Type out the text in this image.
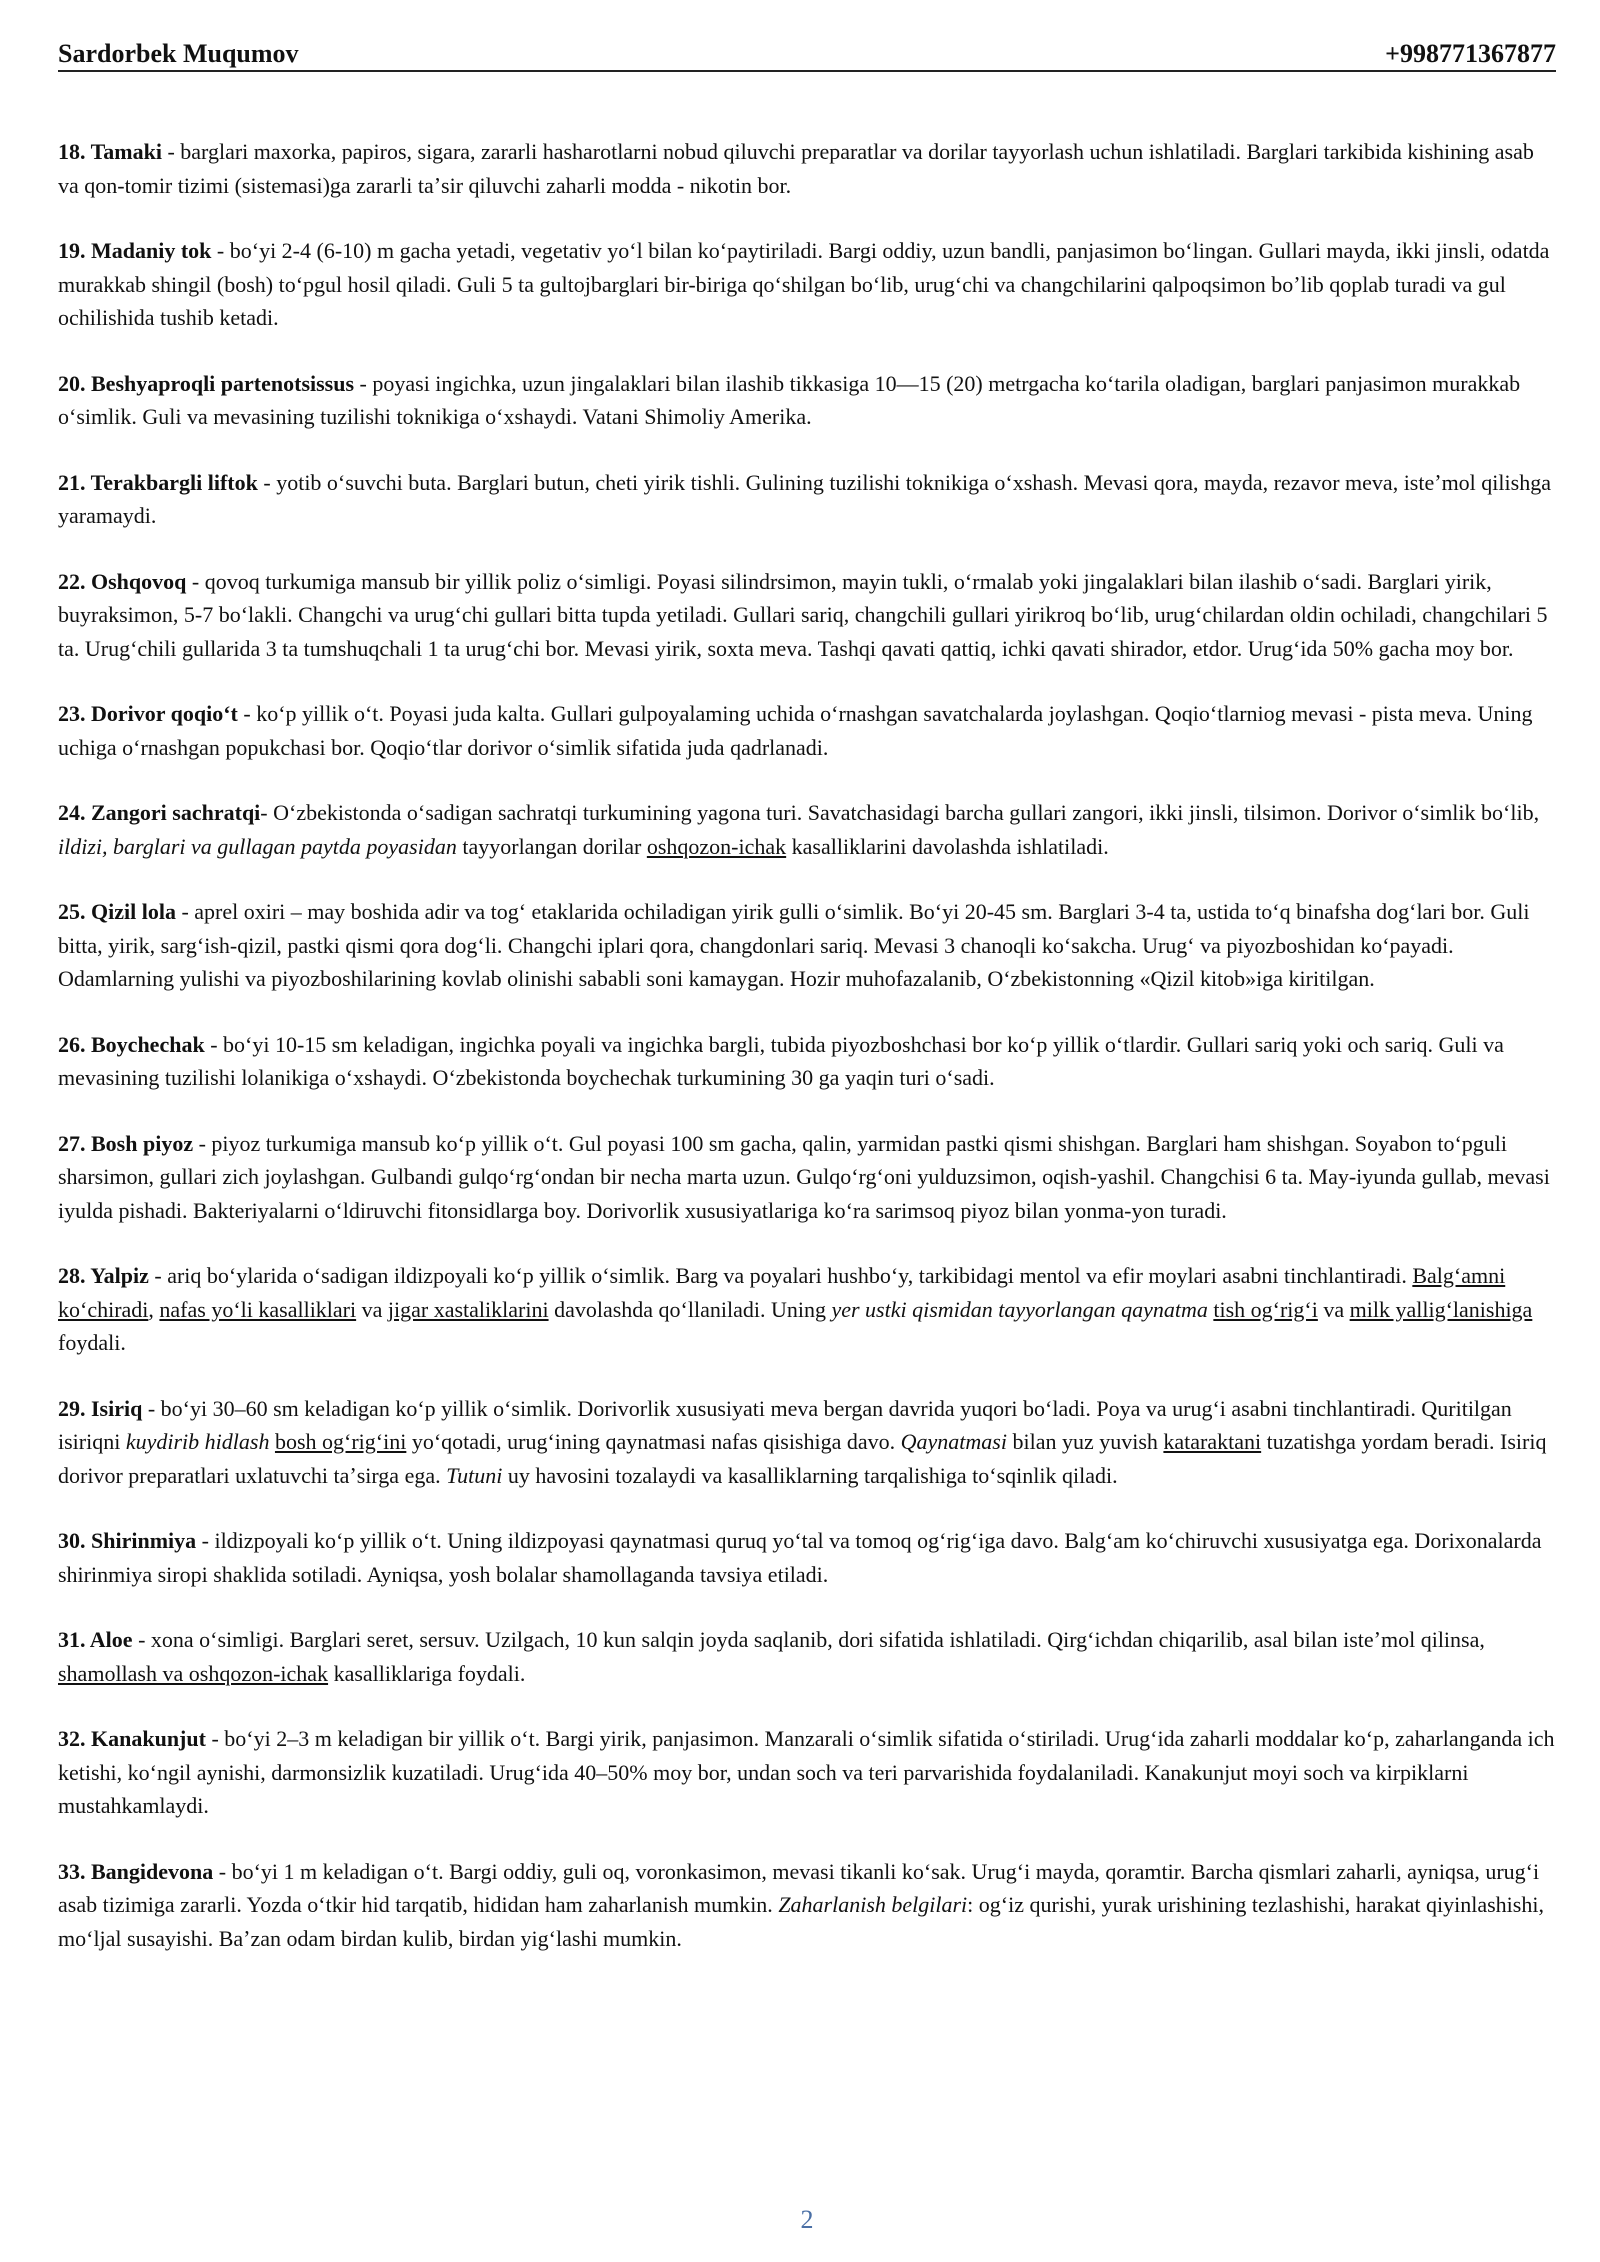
Sardorbek Muqumov	+998771367877

18. Tamaki - barglari maxorka, papiros, sigara, zararli hasharotlarni nobud qiluvchi preparatlar va dorilar tayyorlash uchun ishlatiladi. Barglari tarkibida kishining asab va qon-tomir tizimi (sistemasi)ga zararli taʼsir qiluvchi zaharli modda - nikotin bor.

19. Madaniy tok - boʻyi 2-4 (6-10) m gacha yetadi, vegetativ yoʻl bilan koʻpaytiriladi. Bargi oddiy, uzun bandli, panjasimon boʻlingan. Gullari mayda, ikki jinsli, odatda murakkab shingil (bosh) toʻpgul hosil qiladi. Guli 5 ta gultojbarglari bir-biriga qoʻshilgan boʻlib, urugʻchi va changchilarini qalpoqsimon boʼlib qoplab turadi va gul ochilishida tushib ketadi.

20. Beshyaproqli partenotsissus - poyasi ingichka, uzun jingalaklari bilan ilashib tikkasiga 10—15 (20) metrgacha koʻtarila oladigan, barglari panjasimon murakkab oʻsimlik. Guli va mevasining tuzilishi toknikiga oʻxshaydi. Vatani Shimoliy Amerika.

21. Terakbargli liftok - yotib oʻsuvchi buta. Barglari butun, cheti yirik tishli. Gulining tuzilishi toknikiga oʻxshash. Mevasi qora, mayda, rezavor meva, isteʼmol qilishga yaramaydi.

22. Oshqovoq - qovoq turkumiga mansub bir yillik poliz oʻsimligi. Poyasi silindrsimon, mayin tukli, oʻrmalab yoki jingalaklari bilan ilashib oʻsadi. Barglari yirik, buyraksimon, 5-7 boʻlakli. Changchi va urugʻchi gullari bitta tupda yetiladi. Gullari sariq, changchili gullari yirikroq boʻlib, urugʻchilardan oldin ochiladi, changchilari 5 ta. Urugʻchili gullarida 3 ta tumshuqchali 1 ta urugʻchi bor. Mevasi yirik, soxta meva. Tashqi qavati qattiq, ichki qavati shirador, etdor. Urugʻida 50% gacha moy bor.

23. Dorivor qoqioʻt - koʻp yillik oʻt. Poyasi juda kalta. Gullari gulpoyalaming uchida oʻrnashgan savatchalarda joylashgan. Qoqioʻtlarniog mevasi - pista meva. Uning uchiga oʻrnashgan popukchasi bor. Qoqioʻtlar dorivor oʻsimlik sifatida juda qadrlanadi.

24. Zangori sachratqi- Oʻzbekistonda oʻsadigan sachratqi turkumining yagona turi. Savatchasidagi barcha gullari zangori, ikki jinsli, tilsimon. Dorivor oʻsimlik boʻlib, ildizi, barglari va gullagan paytda poyasidan tayyorlangan dorilar oshqozon-ichak kasalliklarini davolashda ishlatiladi.

25. Qizil lola - aprel oxiri – may boshida adir va togʻ etaklarida ochiladigan yirik gulli oʻsimlik. Boʻyi 20-45 sm. Barglari 3-4 ta, ustida toʻq binafsha dogʻlari bor. Guli bitta, yirik, sargʻish-qizil, pastki qismi qora dogʻli. Changchi iplari qora, changdonlari sariq. Mevasi 3 chanoqli koʻsakcha. Urugʻ va piyozboshidan koʻpayadi. Odamlarning yulishi va piyozboshilarining kovlab olinishi sababli soni kamaygan. Hozir muhofazalanib, Oʻzbekistonning «Qizil kitob»iga kiritilgan.

26. Boychechak - boʻyi 10-15 sm keladigan, ingichka poyali va ingichka bargli, tubida piyozboshchasi bor koʻp yillik oʻtlardir. Gullari sariq yoki och sariq. Guli va mevasining tuzilishi lolanikiga oʻxshaydi. Oʻzbekistonda boychechak turkumining 30 ga yaqin turi oʻsadi.

27. Bosh piyoz - piyoz turkumiga mansub koʻp yillik oʻt. Gul poyasi 100 sm gacha, qalin, yarmidan pastki qismi shishgan. Barglari ham shishgan. Soyabon toʻpguli sharsimon, gullari zich joylashgan. Gulbandi gulqoʻrgʻondan bir necha marta uzun. Gulqoʻrgʻoni yulduzsimon, oqish-yashil. Changchisi 6 ta. May-iyunda gullab, mevasi iyulda pishadi. Bakteriyalarni oʻldiruvchi fitonsidlarga boy. Dorivorlik xususiyatlariga koʻra sarimsoq piyoz bilan yonma-yon turadi.

28. Yalpiz - ariq boʻylarida oʻsadigan ildizpoyali koʻp yillik oʻsimlik. Barg va poyalari hushboʻy, tarkibidagi mentol va efir moylari asabni tinchlantiradi. Balgʻamni koʻchiradi, nafas yoʻli kasalliklari va jigar xastaliklarini davolashda qoʻllaniladi. Uning yer ustki qismidan tayyorlangan qaynatma tish ogʻrigʻi va milk yalligʻlanishiga foydali.

29. Isiriq - boʻyi 30–60 sm keladigan koʻp yillik oʻsimlik. Dorivorlik xususiyati meva bergan davrida yuqori boʻladi. Poya va urugʻi asabni tinchlantiradi. Quritilgan isiriqni kuydirib hidlash bosh ogʻrigʻini yoʻqotadi, urugʻining qaynatmasi nafas qisishiga davo. Qaynatmasi bilan yuz yuvish kataraktani tuzatishga yordam beradi. Isiriq dorivor preparatlari uxlatuvchi taʼsirga ega. Tutuni uy havosini tozalaydi va kasalliklarning tarqalishiga toʻsqinlik qiladi.

30. Shirinmiya - ildizpoyali koʻp yillik oʻt. Uning ildizpoyasi qaynatmasi quruq yoʻtal va tomoq ogʻrigʻiga davo. Balgʻam koʻchiruvchi xususiyatga ega. Dorixonalarda shirinmiya siropi shaklida sotiladi. Ayniqsa, yosh bolalar shamollaganda tavsiya etiladi.

31. Aloe - xona oʻsimligi. Barglari seret, sersuv. Uzilgach, 10 kun salqin joyda saqlanib, dori sifatida ishlatiladi. Qirgʻichdan chiqarilib, asal bilan isteʼmol qilinsa, shamollash va oshqozon-ichak kasalliklariga foydali.

32. Kanakunjut - boʻyi 2–3 m keladigan bir yillik oʻt. Bargi yirik, panjasimon. Manzarali oʻsimlik sifatida oʻstiriladi. Urugʻida zaharli moddalar koʻp, zaharlanganda ich ketishi, koʻngil aynishi, darmonsizlik kuzatiladi. Urugʻida 40–50% moy bor, undan soch va teri parvarishida foydalaniladi. Kanakunjut moyi soch va kirpiklarni mustahkamlaydi.

33. Bangidevona - boʻyi 1 m keladigan oʻt. Bargi oddiy, guli oq, voronkasimon, mevasi tikanli koʻsak. Urugʻi mayda, qoramtir. Barcha qismlari zaharli, ayniqsa, urugʻi asab tizimiga zararli. Yozda oʻtkir hid tarqatib, hididan ham zaharlanish mumkin. Zaharlanish belgilari: ogʻiz qurishi, yurak urishining tezlashishi, harakat qiyinlashishi, moʻljal susayishi. Baʼzan odam birdan kulib, birdan yigʻlashi mumkin.

2
